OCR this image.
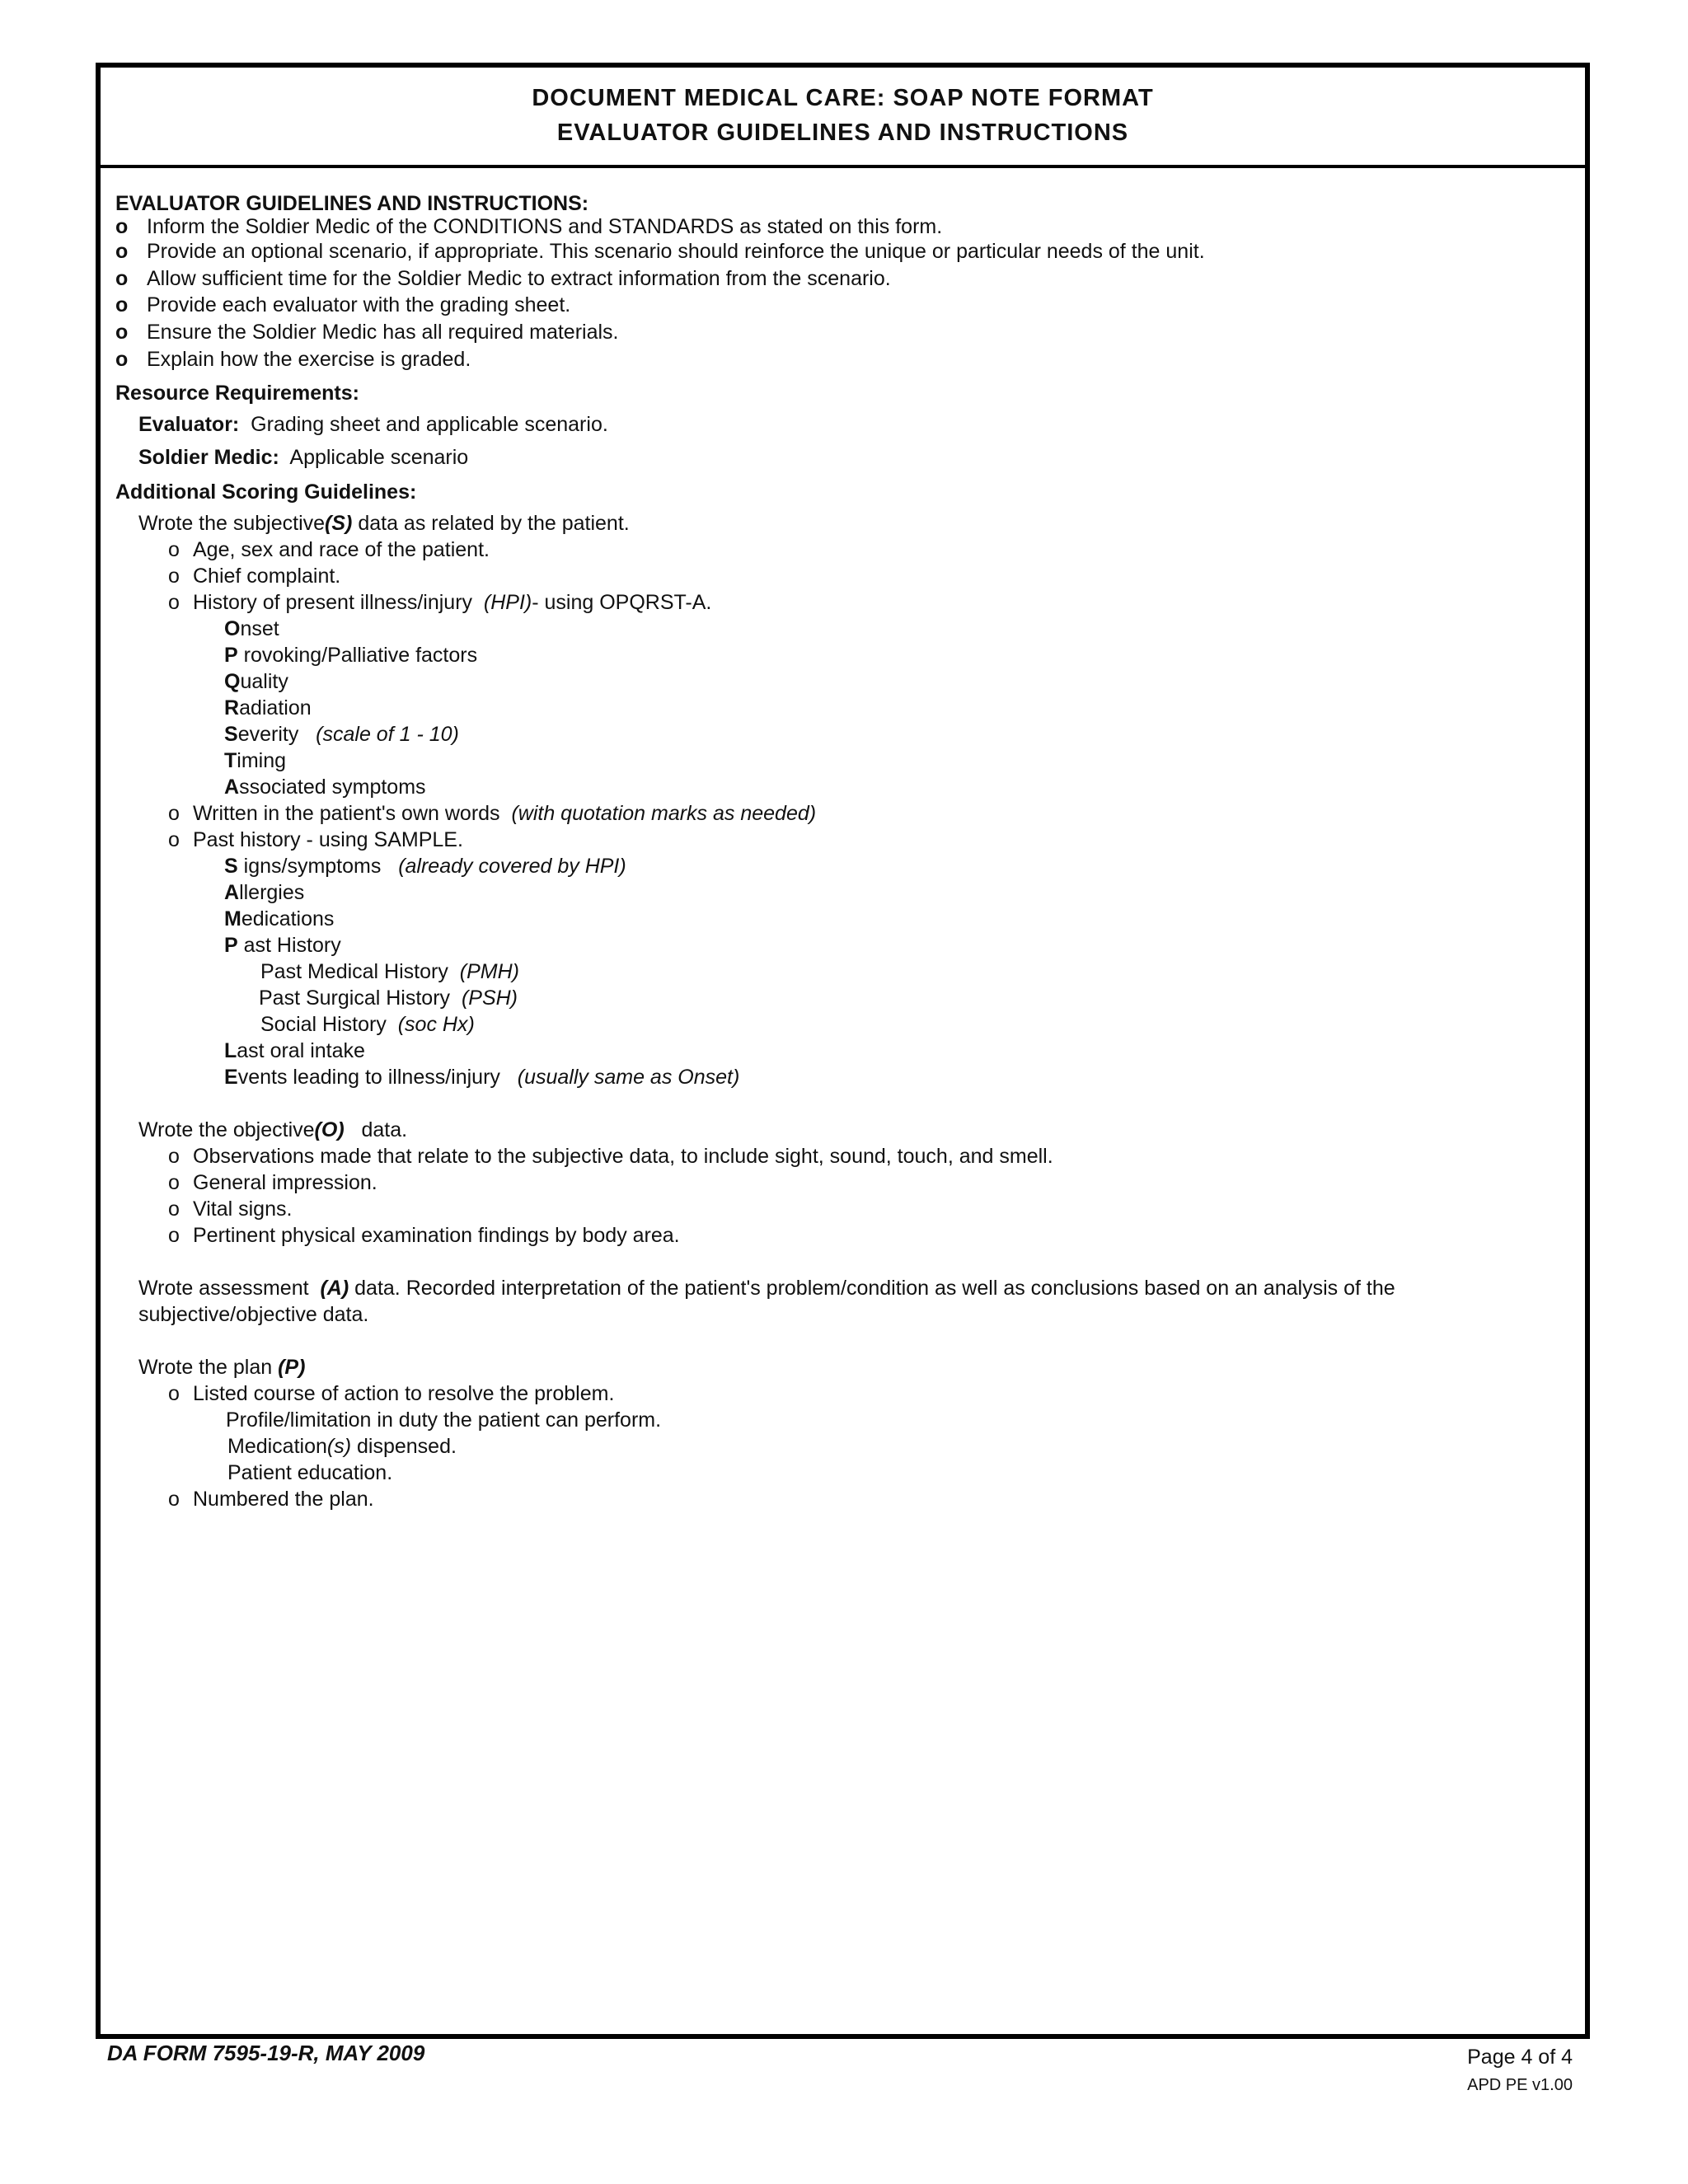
DOCUMENT MEDICAL CARE: SOAP NOTE FORMAT
EVALUATOR GUIDELINES AND INSTRUCTIONS
EVALUATOR GUIDELINES AND INSTRUCTIONS:
o Inform the Soldier Medic of the CONDITIONS and STANDARDS as stated on this form.
o Provide an optional scenario, if appropriate. This scenario should reinforce the unique or particular needs of the unit.
o Allow sufficient time for the Soldier Medic to extract information from the scenario.
o Provide each evaluator with the grading sheet.
o Ensure the Soldier Medic has all required materials.
o Explain how the exercise is graded.
Resource Requirements:
Evaluator: Grading sheet and applicable scenario.
Soldier Medic: Applicable scenario
Additional Scoring Guidelines:
Wrote the subjective(S) data as related by the patient.
o Age, sex and race of the patient.
o Chief complaint.
o History of present illness/injury (HPI)- using OPQRST-A.
Onset
P rovoking/Palliative factors
Quality
Radiation
Severity (scale of 1 - 10)
Timing
Associated symptoms
o Written in the patient's own words (with quotation marks as needed)
o Past history - using SAMPLE.
S igns/symptoms (already covered by HPI)
Allergies
Medications
P ast History
Past Medical History (PMH)
Past Surgical History (PSH)
Social History (soc Hx)
Last oral intake
Events leading to illness/injury (usually same as Onset)
Wrote the objective(O) data.
o Observations made that relate to the subjective data, to include sight, sound, touch, and smell.
o General impression.
o Vital signs.
o Pertinent physical examination findings by body area.
Wrote assessment (A) data. Recorded interpretation of the patient's problem/condition as well as conclusions based on an analysis of the
subjective/objective data.
Wrote the plan (P)
o Listed course of action to resolve the problem.
Profile/limitation in duty the patient can perform.
Medication(s) dispensed.
Patient education.
o Numbered the plan.
DA FORM 7595-19-R, MAY 2009	Page 4 of 4
APD PE v1.00
